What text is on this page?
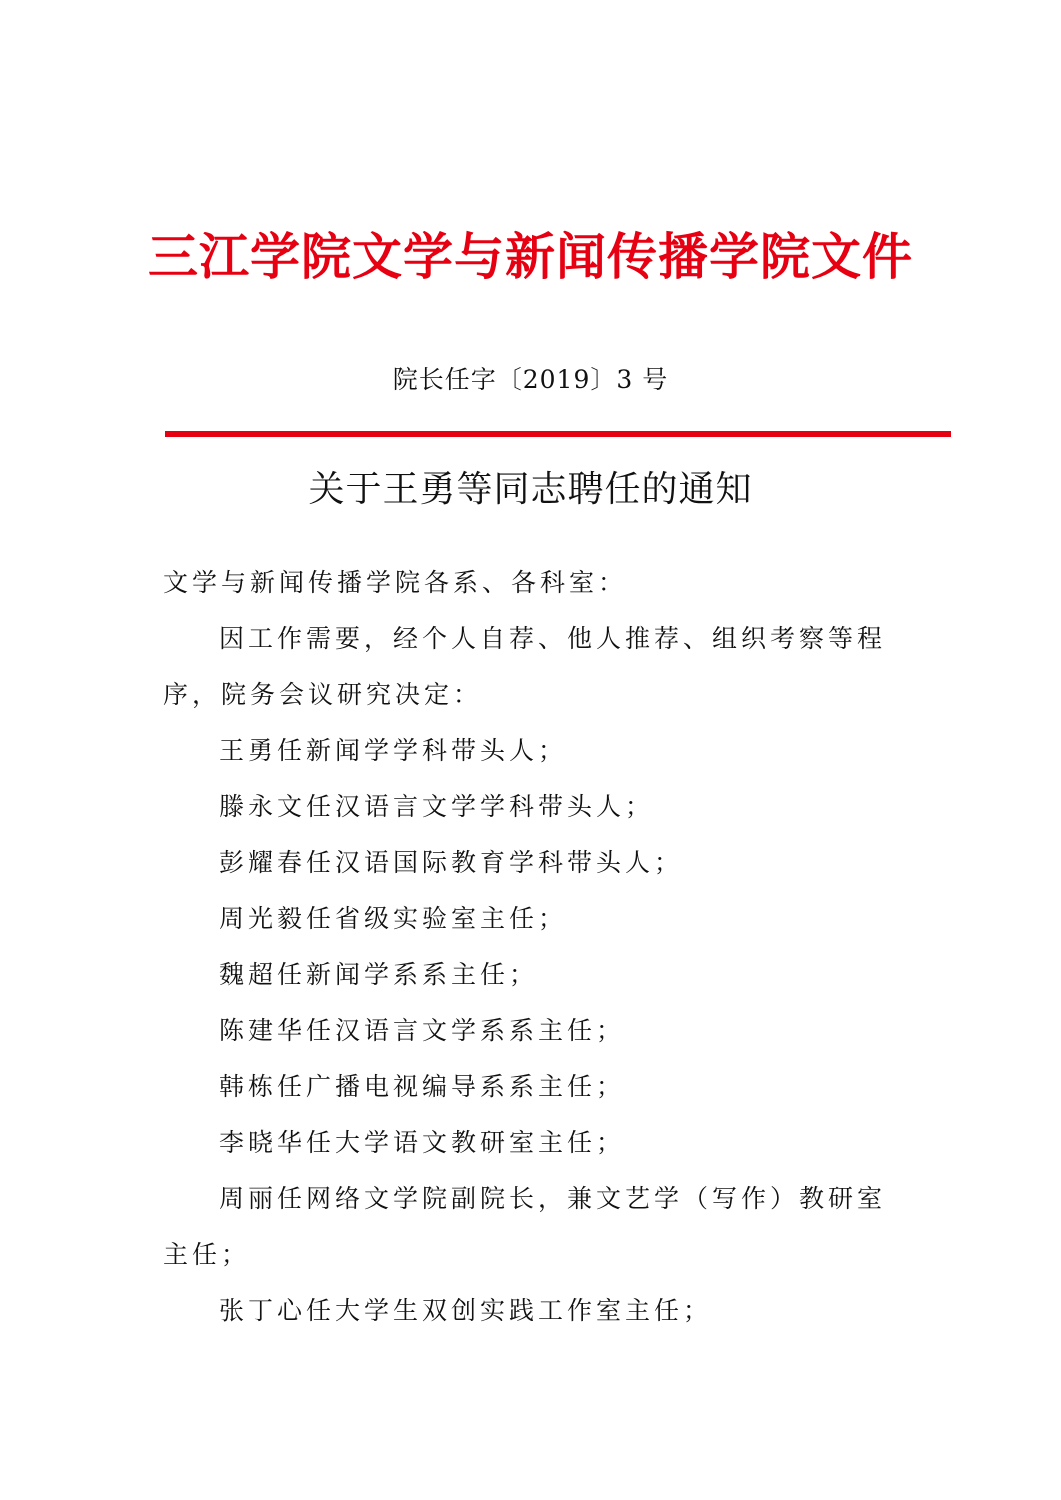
三江学院文学与新闻传播学院文件
院长任字〔2019〕3 号
关于王勇等同志聘任的通知

文学与新闻传播学院各系、各科室：

因工作需要，经个人自荐、他人推荐、组织考察等程序，院务会议研究决定：

王勇任新闻学学科带头人；

滕永文任汉语言文学学科带头人；

彭耀春任汉语国际教育学科带头人；

周光毅任省级实验室主任；

魏超任新闻学系系主任；

陈建华任汉语言文学系系主任；

韩栋任广播电视编导系系主任；

李晓华任大学语文教研室主任；

周丽任网络文学院副院长，兼文艺学（写作）教研室主任；

张丁心任大学生双创实践工作室主任；
